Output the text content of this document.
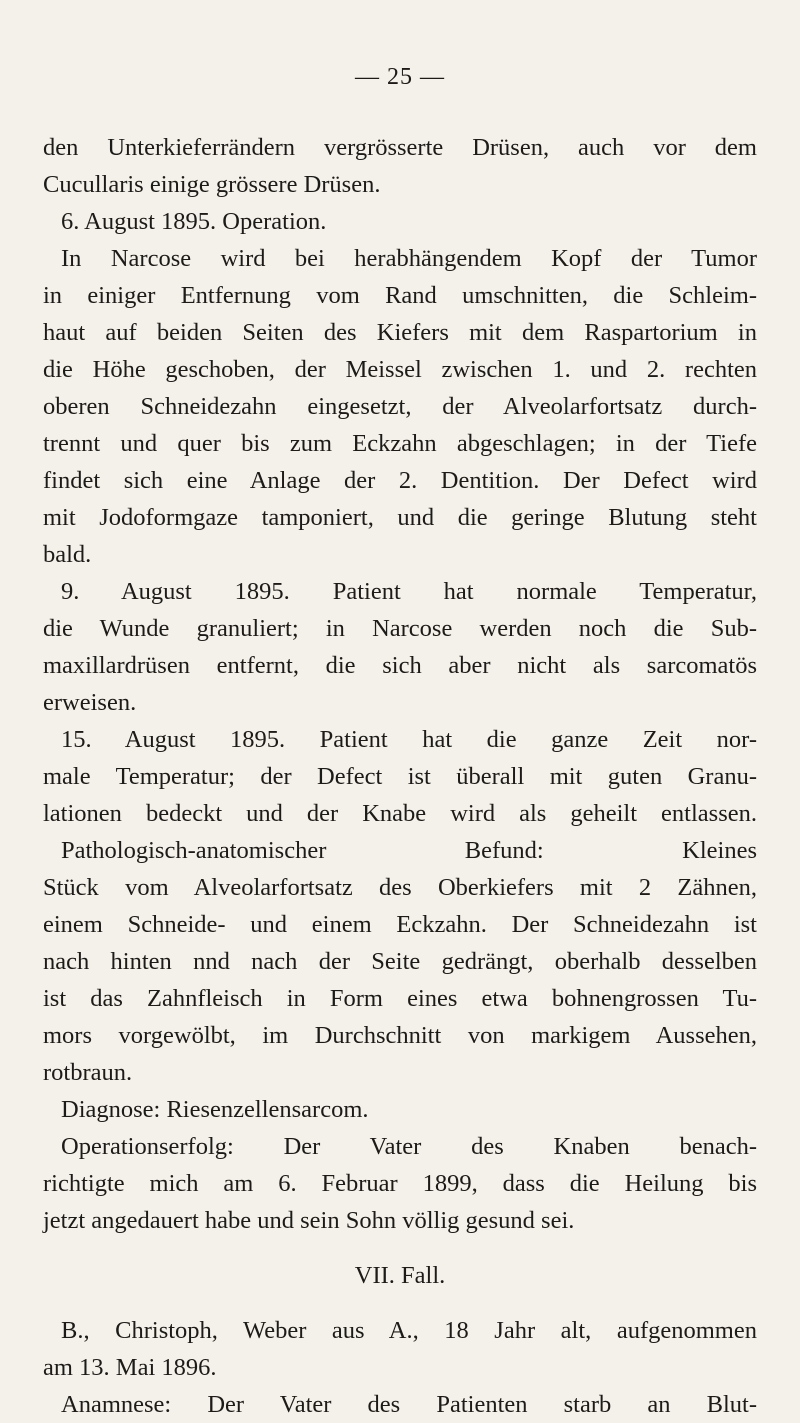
— 25 —
den Unterkieferrändern vergrösserte Drüsen, auch vor dem
Cucullaris einige grössere Drüsen.
6. August 1895. Operation.
In Narcose wird bei herabhängendem Kopf der Tumor
in einiger Entfernung vom Rand umschnitten, die Schleim-
haut auf beiden Seiten des Kiefers mit dem Raspartorium in
die Höhe geschoben, der Meissel zwischen 1. und 2. rechten
oberen Schneidezahn eingesetzt, der Alveolarfortsatz durch-
trennt und quer bis zum Eckzahn abgeschlagen; in der Tiefe
findet sich eine Anlage der 2. Dentition. Der Defect wird
mit Jodoformgaze tamponiert, und die geringe Blutung steht
bald.
9. August 1895. Patient hat normale Temperatur,
die Wunde granuliert; in Narcose werden noch die Sub-
maxillardrüsen entfernt, die sich aber nicht als sarcomatös
erweisen.
15. August 1895. Patient hat die ganze Zeit nor-
male Temperatur; der Defect ist überall mit guten Granu-
lationen bedeckt und der Knabe wird als geheilt entlassen.
Pathologisch-anatomischer Befund: Kleines
Stück vom Alveolarfortsatz des Oberkiefers mit 2 Zähnen,
einem Schneide- und einem Eckzahn. Der Schneidezahn ist
nach hinten nnd nach der Seite gedrängt, oberhalb desselben
ist das Zahnfleisch in Form eines etwa bohnengrossen Tu-
mors vorgewölbt, im Durchschnitt von markigem Aussehen,
rotbraun.
Diagnose: Riesenzellensarcom.
Operationserfolg: Der Vater des Knaben benach-
richtigte mich am 6. Februar 1899, dass die Heilung bis
jetzt angedauert habe und sein Sohn völlig gesund sei.
VII. Fall.
B., Christoph, Weber aus A., 18 Jahr alt, aufgenommen
am 13. Mai 1896.
Anamnese: Der Vater des Patienten starb an Blut-
